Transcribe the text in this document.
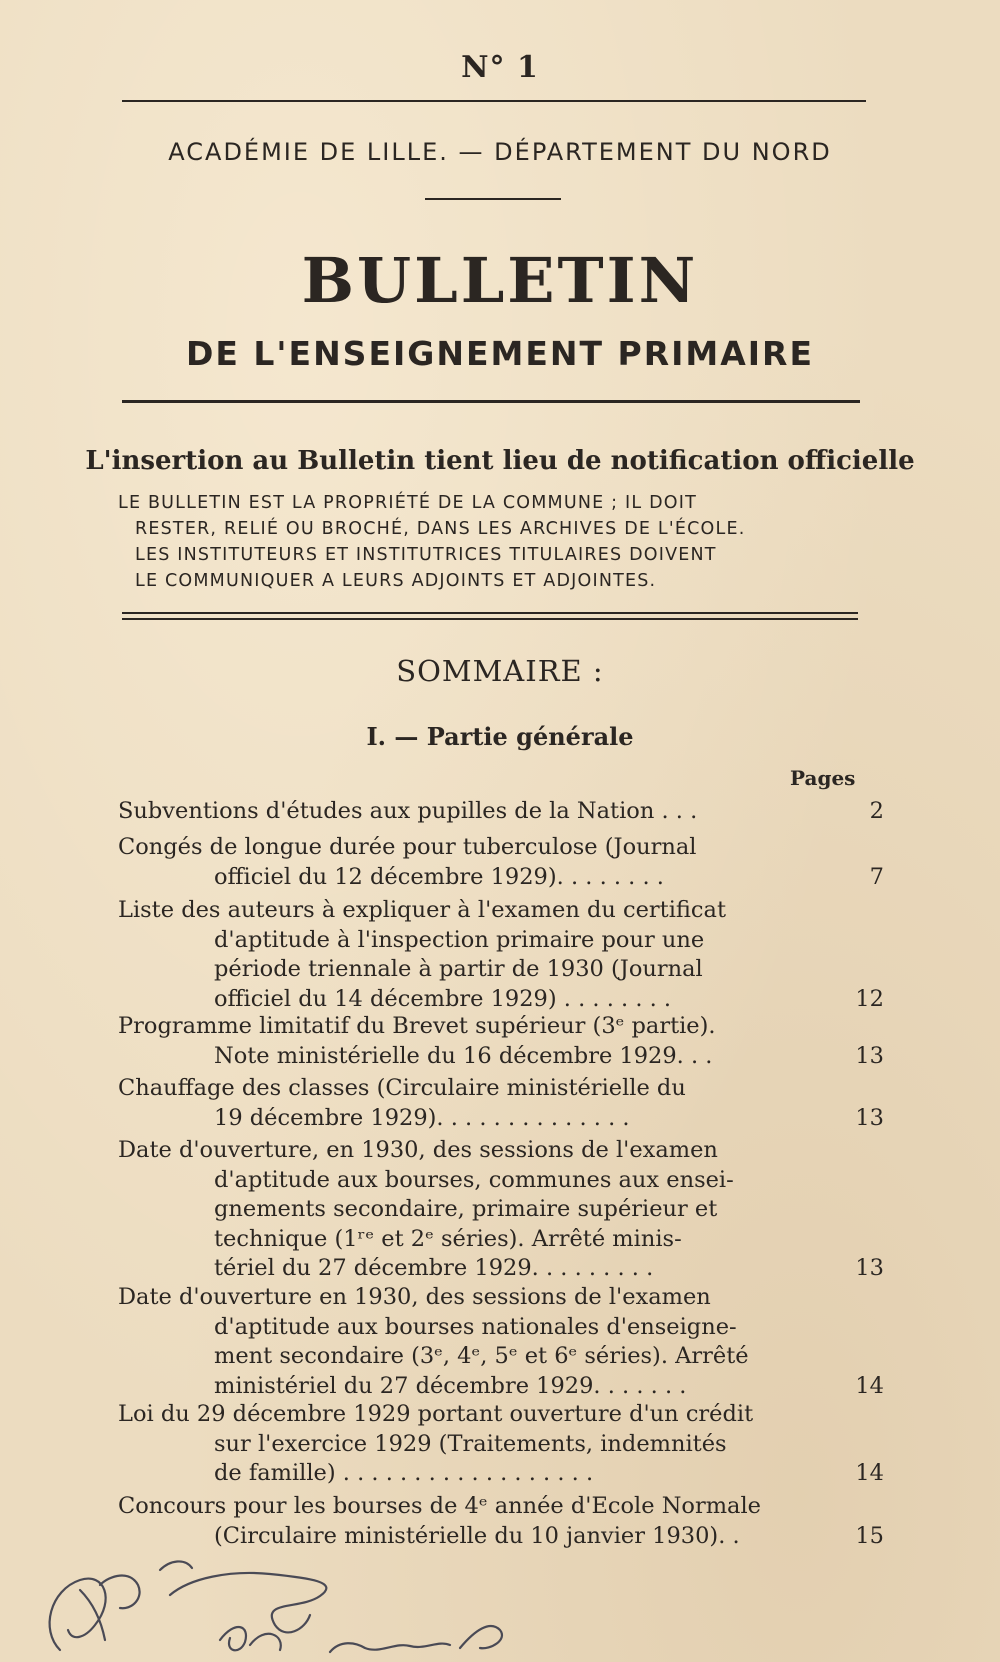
N° 1
ACADÉMIE DE LILLE. — DÉPARTEMENT DU NORD
BULLETIN
DE L'ENSEIGNEMENT PRIMAIRE
L'insertion au Bulletin tient lieu de notification officielle
LE BULLETIN EST LA PROPRIÉTÉ DE LA COMMUNE ; IL DOIT
RESTER, RELIÉ OU BROCHÉ, DANS LES ARCHIVES DE L'ÉCOLE.
LES INSTITUTEURS ET INSTITUTRICES TITULAIRES DOIVENT
LE COMMUNIQUER A LEURS ADJOINTS ET ADJOINTES.
SOMMAIRE :
I. — Partie générale
Pages
Subventions d'études aux pupilles de la Nation . . .	2
Congés de longue durée pour tuberculose (Journal
officiel du 12 décembre 1929). . . . . . . .	7
Liste des auteurs à expliquer à l'examen du certificat
d'aptitude à l'inspection primaire pour une
période triennale à partir de 1930 (Journal
officiel du 14 décembre 1929) . . . . . . . .	12
Programme limitatif du Brevet supérieur (3ᵉ partie).
Note ministérielle du 16 décembre 1929. . .	13
Chauffage des classes (Circulaire ministérielle du
19 décembre 1929). . . . . . . . . . . . . .	13
Date d'ouverture, en 1930, des sessions de l'examen
d'aptitude aux bourses, communes aux ensei-
gnements secondaire, primaire supérieur et
technique (1ʳᵉ et 2ᵉ séries). Arrêté minis-
tériel du 27 décembre 1929. . . . . . . . .	13
Date d'ouverture en 1930, des sessions de l'examen
d'aptitude aux bourses nationales d'enseigne-
ment secondaire (3ᵉ, 4ᵉ, 5ᵉ et 6ᵉ séries). Arrêté
ministériel du 27 décembre 1929. . . . . . .	14
Loi du 29 décembre 1929 portant ouverture d'un crédit
sur l'exercice 1929 (Traitements, indemnités
de famille) . . . . . . . . . . . . . . . . . .	14
Concours pour les bourses de 4ᵉ année d'Ecole Normale
(Circulaire ministérielle du 10 janvier 1930). .	15
